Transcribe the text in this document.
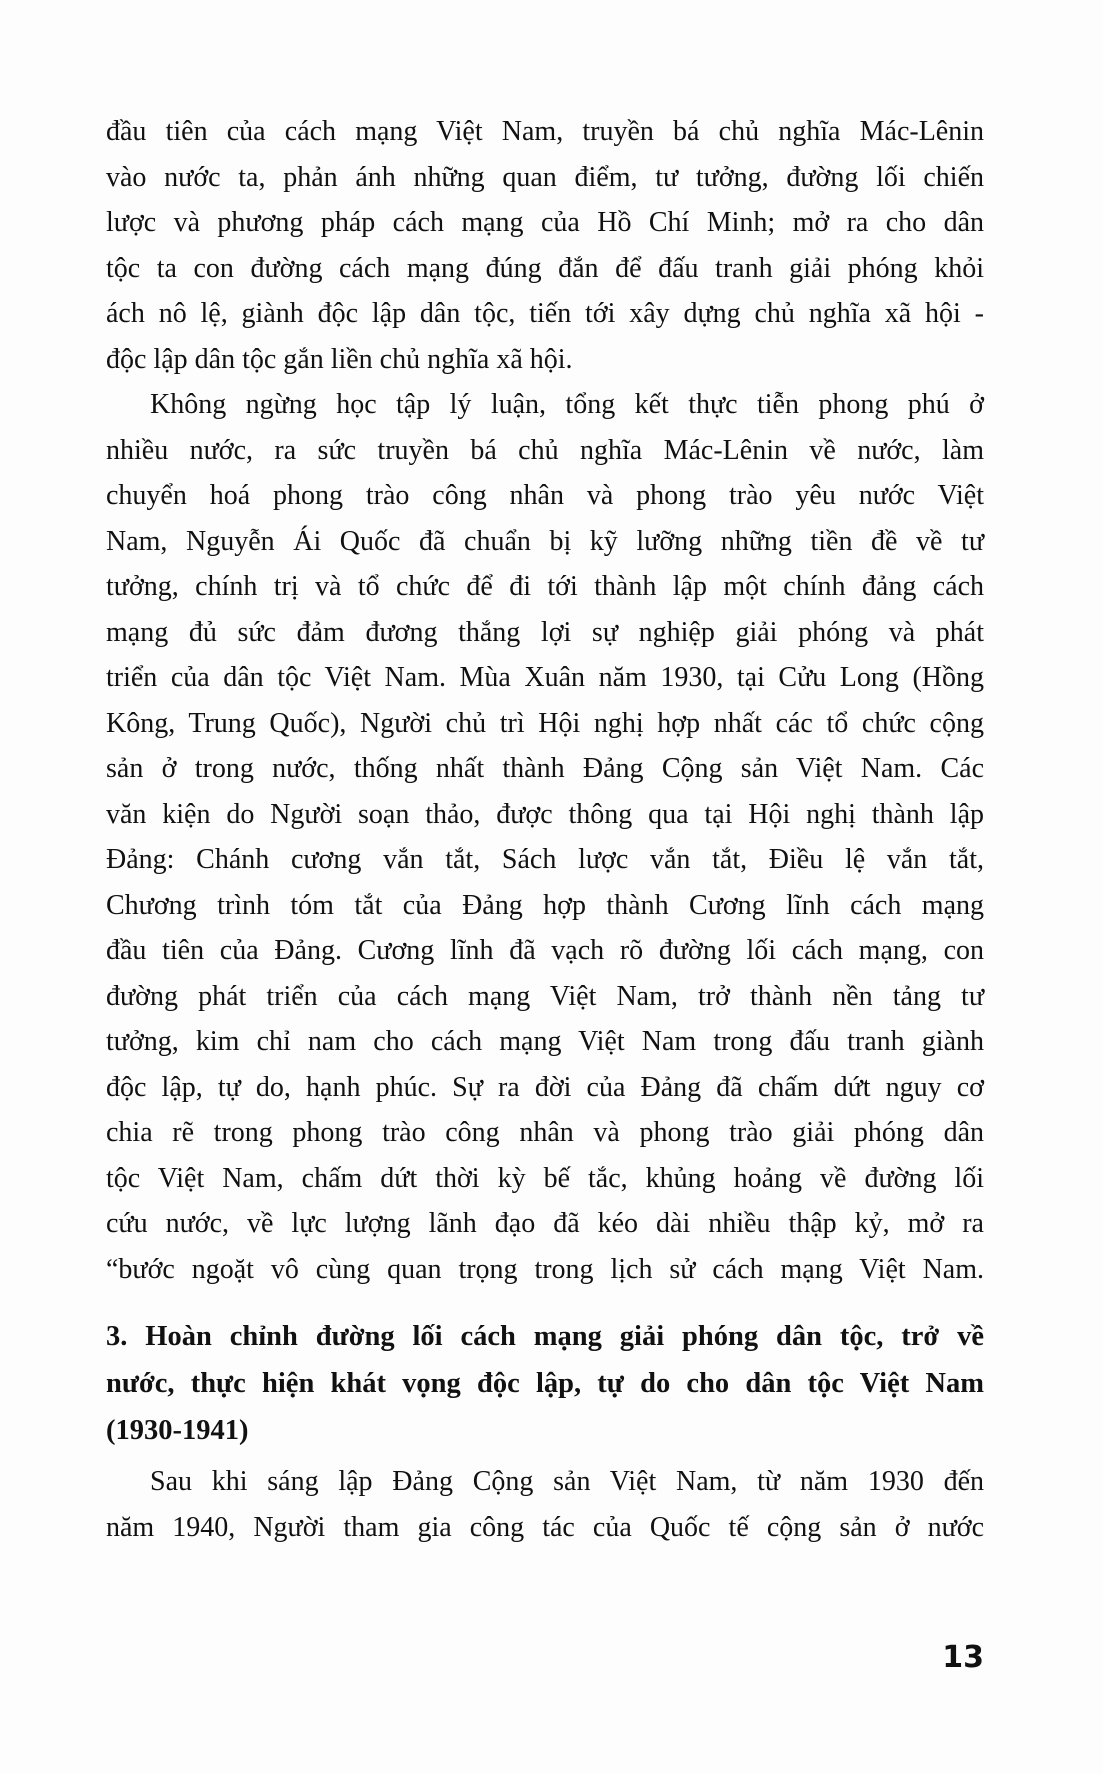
đầu tiên của cách mạng Việt Nam, truyền bá chủ nghĩa Mác-Lênin
vào nước ta, phản ánh những quan điểm, tư tưởng, đường lối chiến
lược và phương pháp cách mạng của Hồ Chí Minh; mở ra cho dân
tộc ta con đường cách mạng đúng đắn để đấu tranh giải phóng khỏi
ách nô lệ, giành độc lập dân tộc, tiến tới xây dựng chủ nghĩa xã hội -
độc lập dân tộc gắn liền chủ nghĩa xã hội.
Không ngừng học tập lý luận, tổng kết thực tiễn phong phú ở
nhiều nước, ra sức truyền bá chủ nghĩa Mác-Lênin về nước, làm
chuyển hoá phong trào công nhân và phong trào yêu nước Việt
Nam, Nguyễn Ái Quốc đã chuẩn bị kỹ lưỡng những tiền đề về tư
tưởng, chính trị và tổ chức để đi tới thành lập một chính đảng cách
mạng đủ sức đảm đương thắng lợi sự nghiệp giải phóng và phát
triển của dân tộc Việt Nam. Mùa Xuân năm 1930, tại Cửu Long (Hồng
Kông, Trung Quốc), Người chủ trì Hội nghị hợp nhất các tổ chức cộng
sản ở trong nước, thống nhất thành Đảng Cộng sản Việt Nam. Các
văn kiện do Người soạn thảo, được thông qua tại Hội nghị thành lập
Đảng: Chánh cương vắn tắt, Sách lược vắn tắt, Điều lệ vắn tắt,
Chương trình tóm tắt của Đảng hợp thành Cương lĩnh cách mạng
đầu tiên của Đảng. Cương lĩnh đã vạch rõ đường lối cách mạng, con
đường phát triển của cách mạng Việt Nam, trở thành nền tảng tư
tưởng, kim chỉ nam cho cách mạng Việt Nam trong đấu tranh giành
độc lập, tự do, hạnh phúc. Sự ra đời của Đảng đã chấm dứt nguy cơ
chia rẽ trong phong trào công nhân và phong trào giải phóng dân
tộc Việt Nam, chấm dứt thời kỳ bế tắc, khủng hoảng về đường lối
cứu nước, về lực lượng lãnh đạo đã kéo dài nhiều thập kỷ, mở ra
“bước ngoặt vô cùng quan trọng trong lịch sử cách mạng Việt Nam.
3. Hoàn chỉnh đường lối cách mạng giải phóng dân tộc, trở về
nước, thực hiện khát vọng độc lập, tự do cho dân tộc Việt Nam
(1930-1941)
Sau khi sáng lập Đảng Cộng sản Việt Nam, từ năm 1930 đến
năm 1940, Người tham gia công tác của Quốc tế cộng sản ở nước
13
